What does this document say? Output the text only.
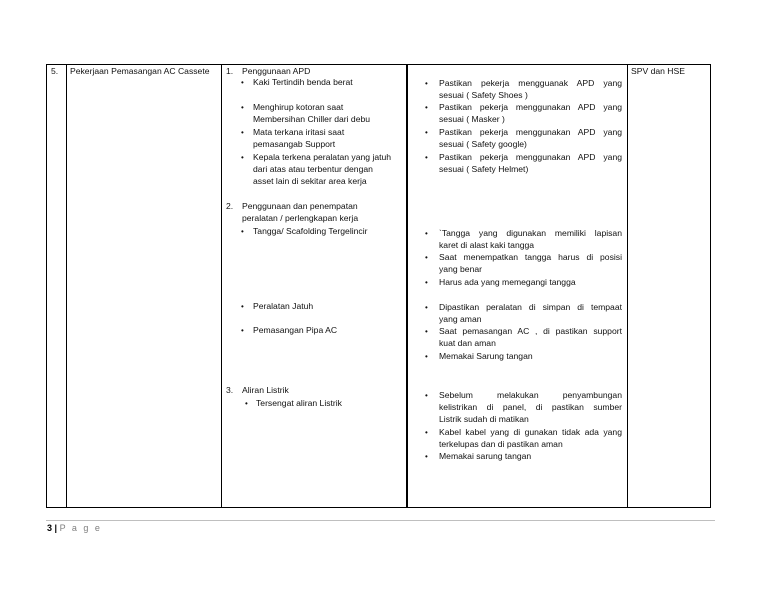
5. Pekerjaan Pemasangan AC Cassete	SPV dan HSE
1. Penggunaan APD
• Kaki Tertindih benda berat
• Menghirup kotoran saat
Membersihan Chiller dari debu
• Mata terkana iritasi saat
pemasangab Support
• Kepala terkena peralatan yang jatuh
dari atas atau terbentur dengan
asset lain di sekitar area kerja
• Pastikan pekerja mengguanak APD yang
sesuai ( Safety Shoes )
• Pastikan pekerja menggunakan APD yang
sesuai ( Masker )
• Pastikan pekerja menggunakan APD yang
sesuai ( Safety google)
• Pastikan pekerja menggunakan APD yang
sesuai ( Safety Helmet)
2. Penggunaan dan penempatan
peralatan / perlengkapan kerja
• Tangga/ Scafolding Tergelincir
• Peralatan Jatuh
• Pemasangan Pipa AC
• `Tangga yang digunakan memiliki lapisan
karet di alast kaki tangga
• Saat menempatkan tangga harus di posisi
yang benar
• Harus ada yang memegangi tangga
• Dipastikan peralatan di simpan di tempaat
yang aman
• Saat pemasangan AC , di pastikan support
kuat dan aman
• Memakai Sarung tangan
3. Aliran Listrik
• Tersengat aliran Listrik
• Sebelum melakukan penyambungan
kelistrikan di panel, di pastikan sumber
Listrik sudah di matikan
• Kabel kabel yang di gunakan tidak ada yang
terkelupas dan di pastikan aman
• Memakai sarung tangan
3 | P a g e
